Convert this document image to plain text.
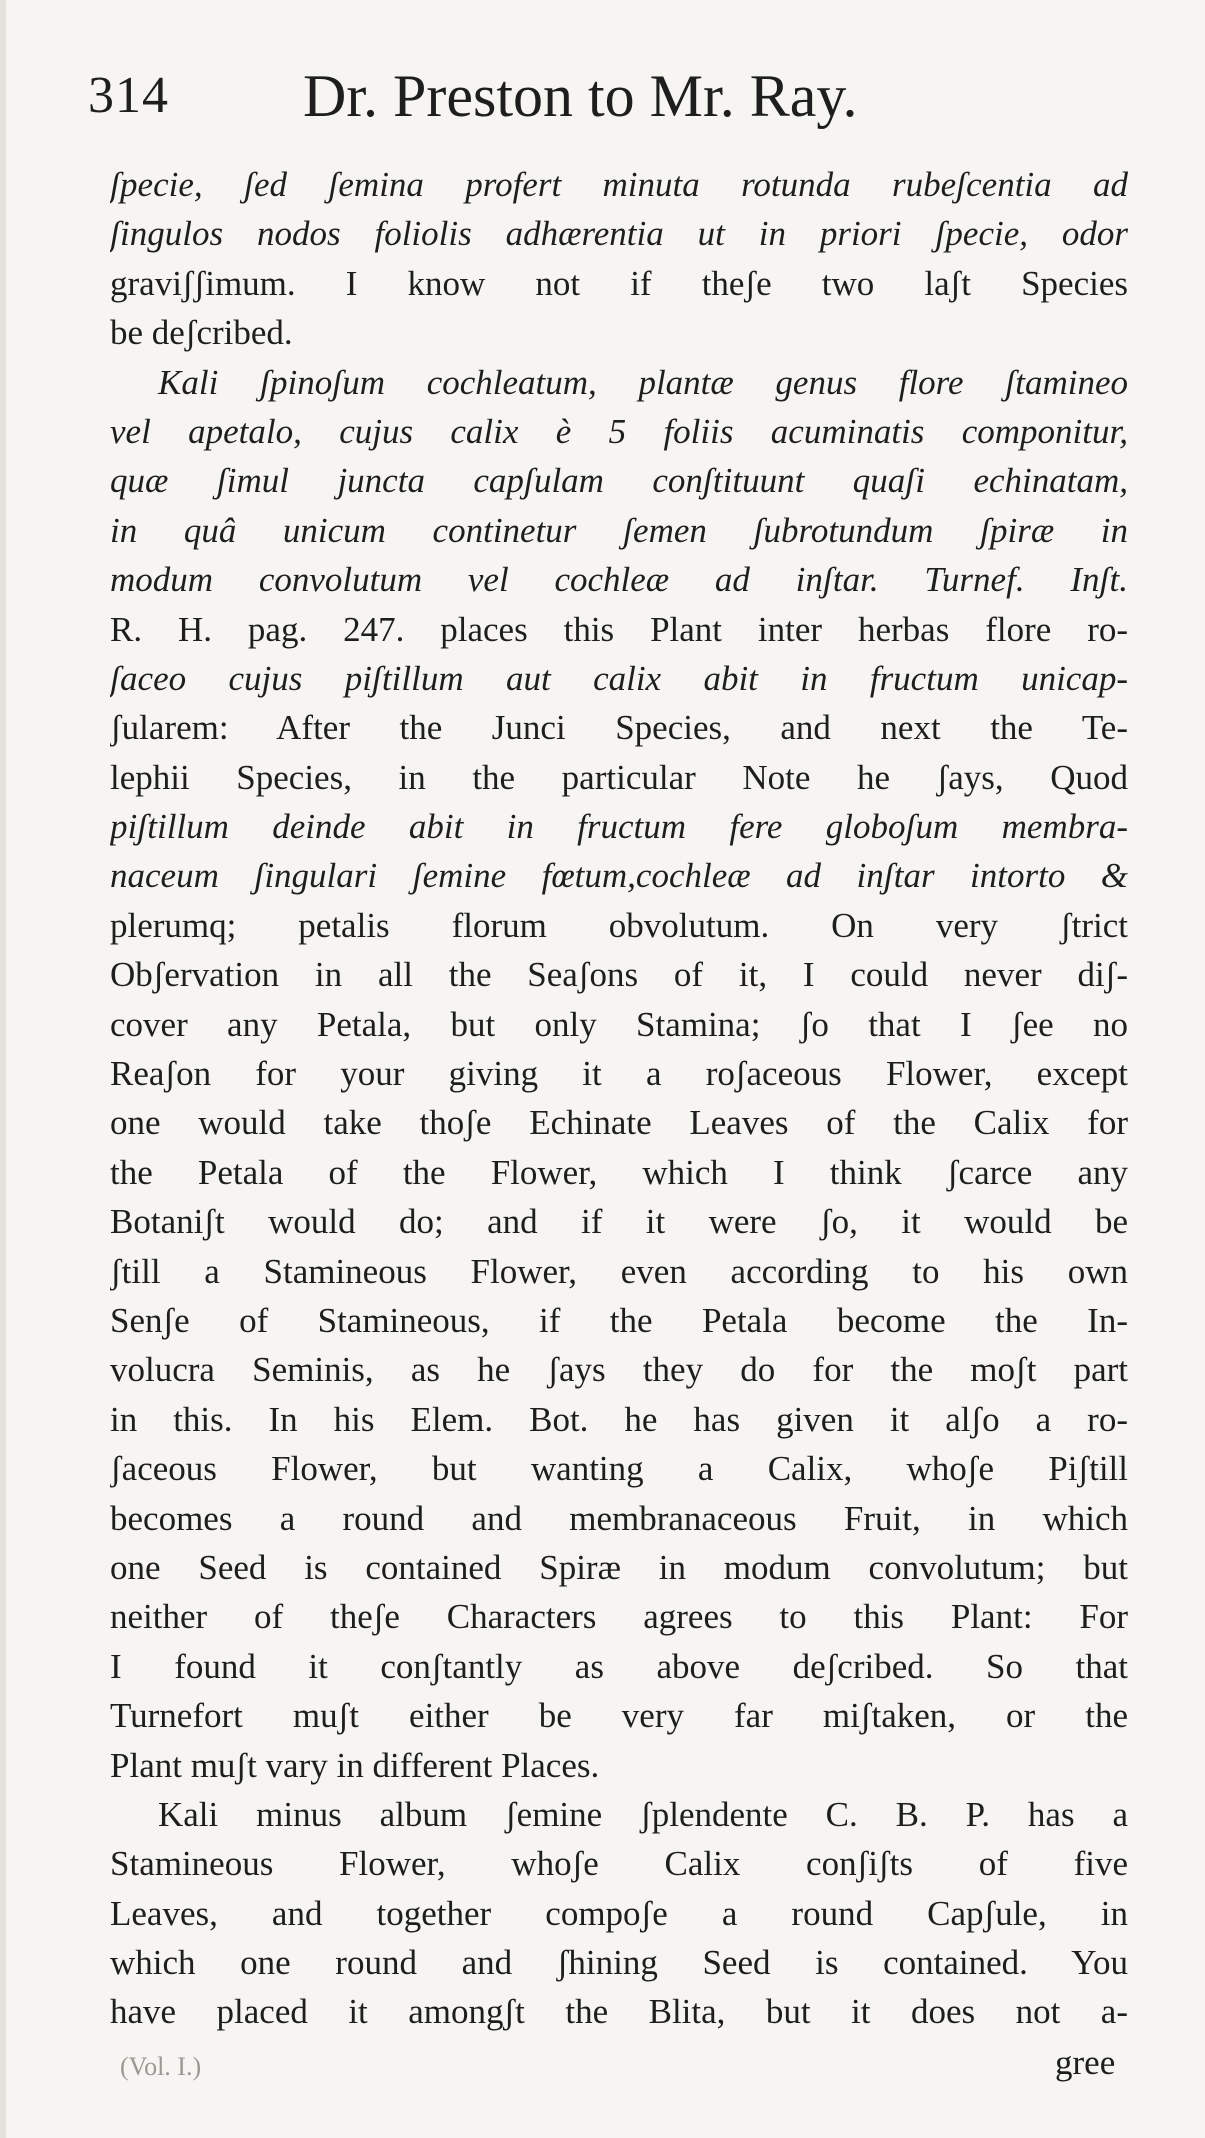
314 Dr. Preston to Mr. Ray.
ʃpecie, ʃed ʃemina profert minuta rotunda rubeʃcentia ad
ʃingulos nodos foliolis adhærentia ut in priori ʃpecie, odor
graviʃʃimum. I know not if theʃe two laʃt Species
be deʃcribed.
Kali ʃpinoʃum cochleatum, plantæ genus flore ʃtamineo
vel apetalo, cujus calix è 5 foliis acuminatis componitur,
quæ ʃimul juncta capʃulam conʃtituunt quaʃi echinatam,
in quâ unicum continetur ʃemen ʃubrotundum ʃpiræ in
modum convolutum vel cochleæ ad inʃtar. Turnef. Inʃt.
R. H. pag. 247. places this Plant inter herbas flore ro-
ʃaceo cujus piʃtillum aut calix abit in fructum unicap-
ʃularem: After the Junci Species, and next the Te-
lephii Species, in the particular Note he ʃays, Quod
piʃtillum deinde abit in fructum fere globoʃum membra-
naceum ʃingulari ʃemine fœtum,cochleæ ad inʃtar intorto &
plerumq; petalis florum obvolutum. On very ʃtrict
Obʃervation in all the Seaʃons of it, I could never diʃ-
cover any Petala, but only Stamina; ʃo that I ʃee no
Reaʃon for your giving it a roʃaceous Flower, except
one would take thoʃe Echinate Leaves of the Calix for
the Petala of the Flower, which I think ʃcarce any
Botaniʃt would do; and if it were ʃo, it would be
ʃtill a Stamineous Flower, even according to his own
Senʃe of Stamineous, if the Petala become the In-
volucra Seminis, as he ʃays they do for the moʃt part
in this. In his Elem. Bot. he has given it alʃo a ro-
ʃaceous Flower, but wanting a Calix, whoʃe Piʃtill
becomes a round and membranaceous Fruit, in which
one Seed is contained Spiræ in modum convolutum; but
neither of theʃe Characters agrees to this Plant: For
I found it conʃtantly as above deʃcribed. So that
Turnefort muʃt either be very far miʃtaken, or the
Plant muʃt vary in different Places.
Kali minus album ʃemine ʃplendente C. B. P. has a
Stamineous Flower, whoʃe Calix conʃiʃts of five
Leaves, and together compoʃe a round Capʃule, in
which one round and ʃhining Seed is contained. You
have placed it amongʃt the Blita, but it does not a-
(Vol. I.)	gree
